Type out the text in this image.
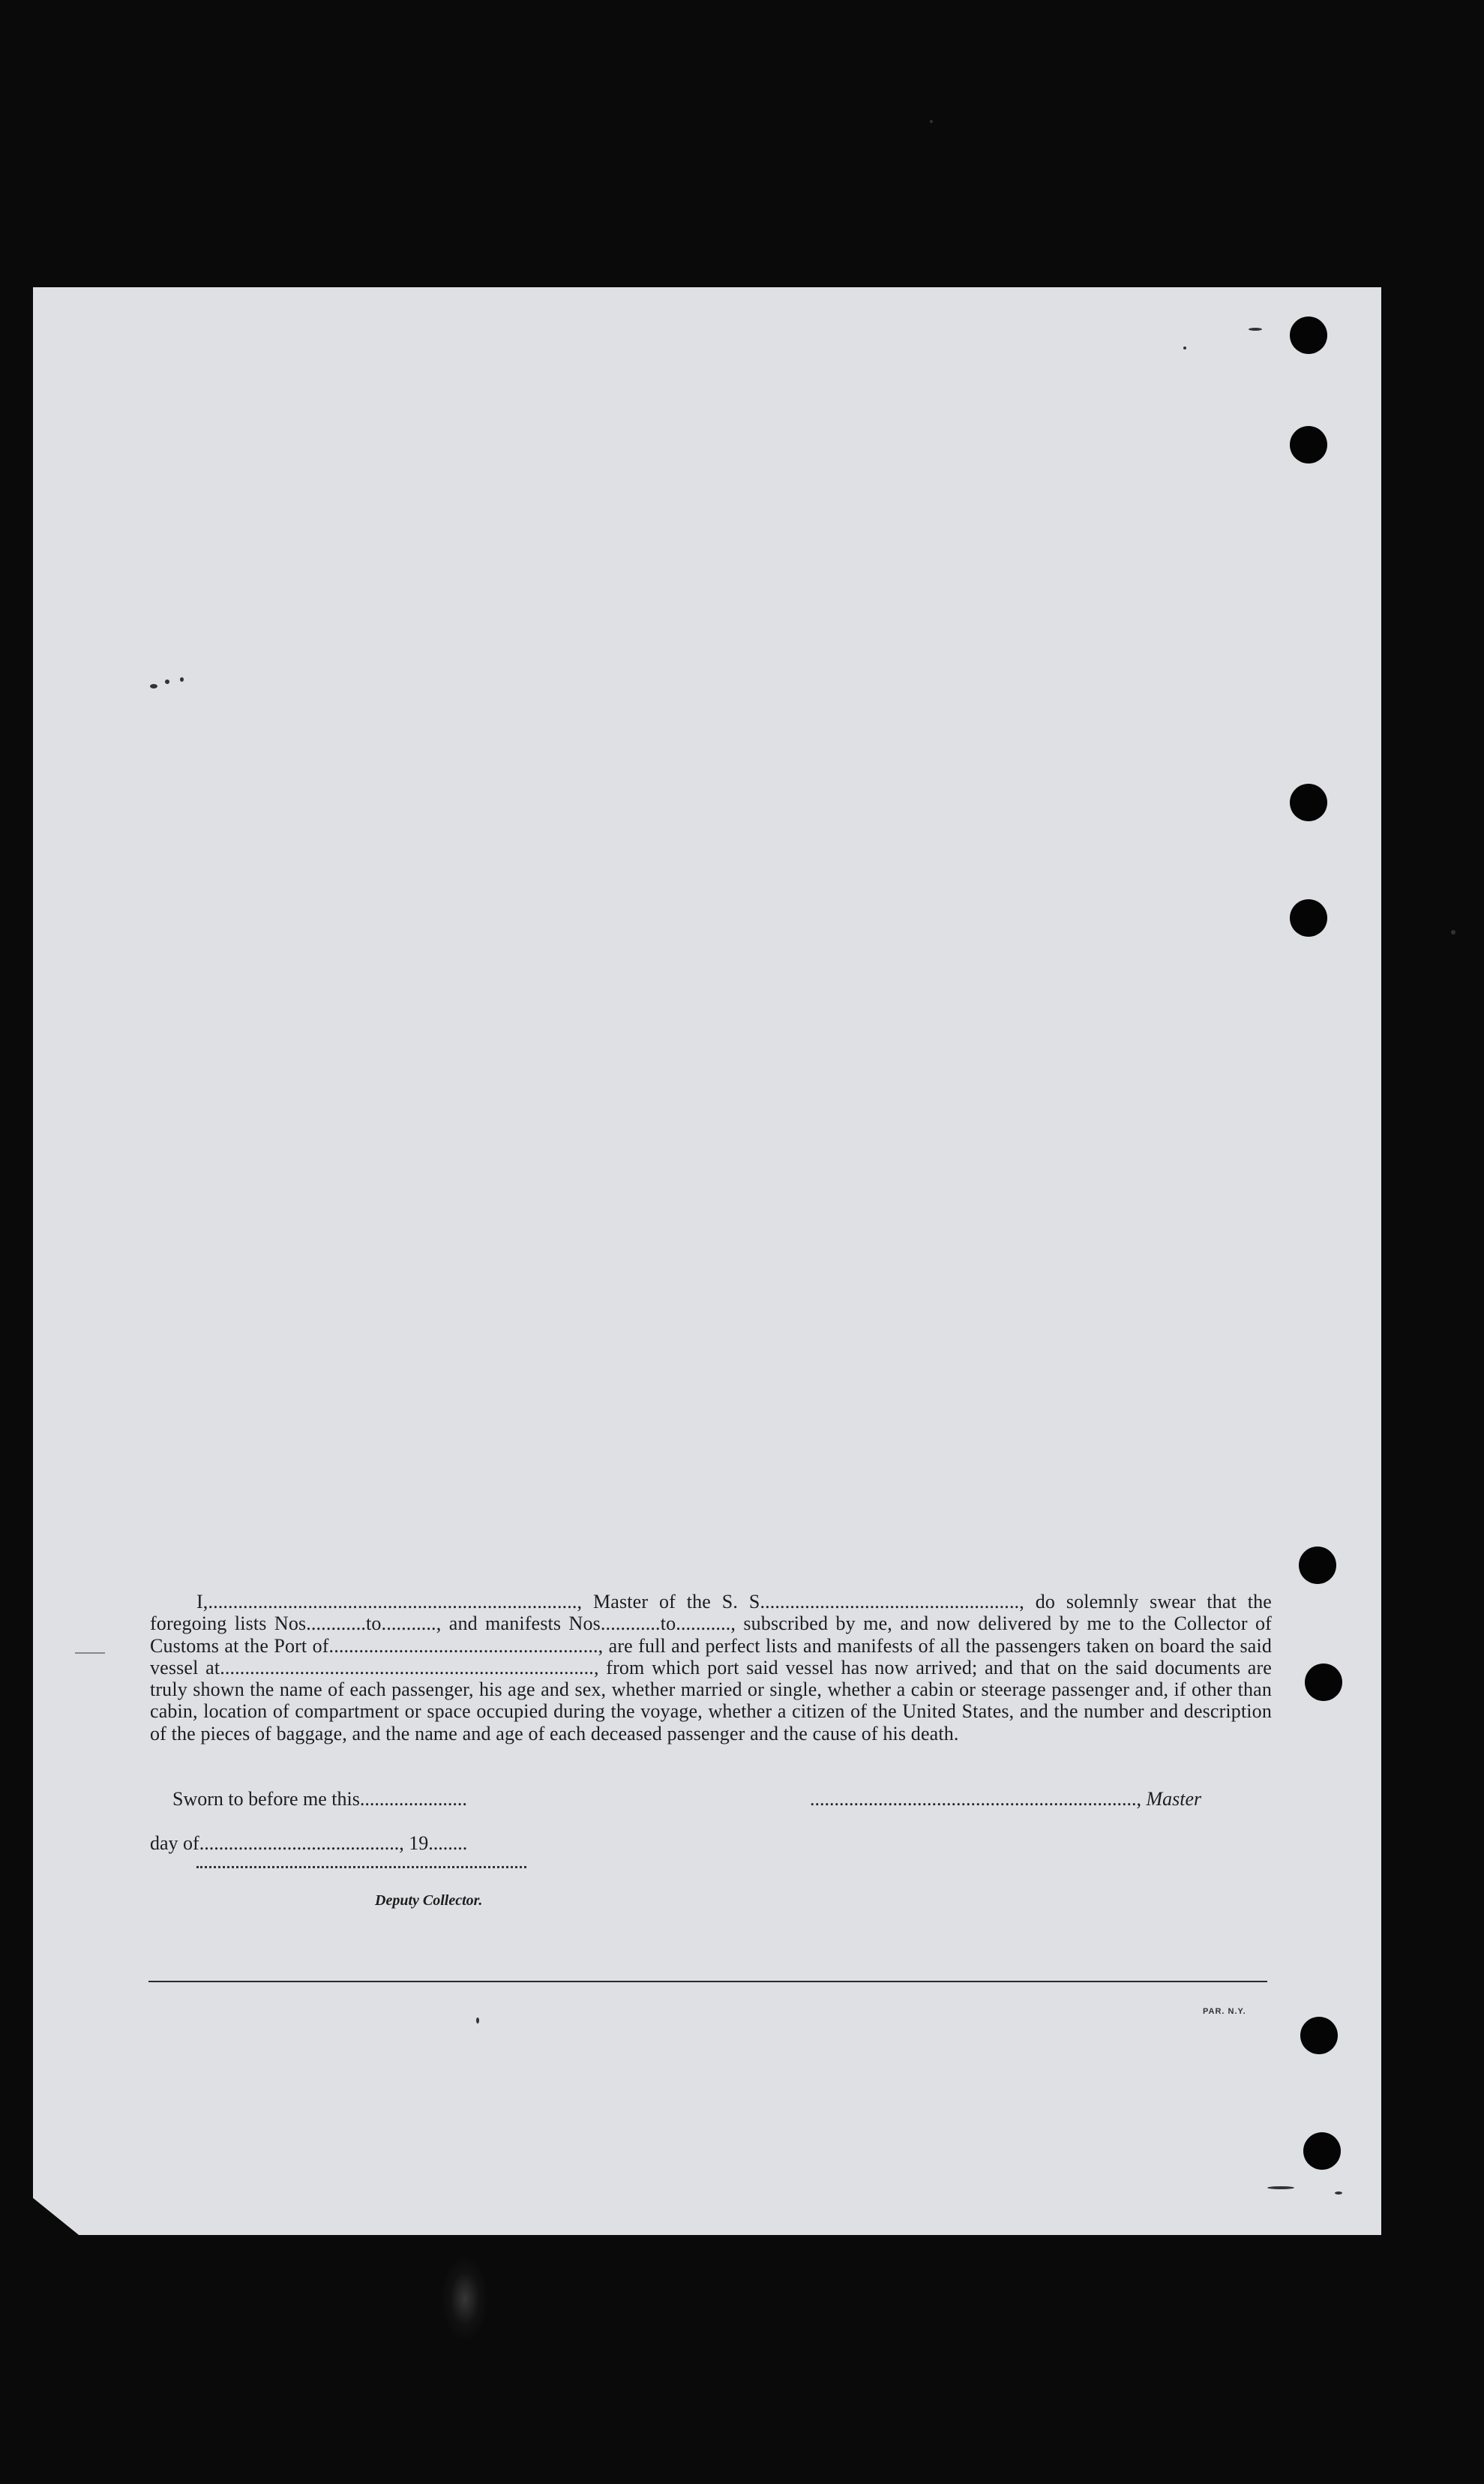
I,.........................................................................., Master of the S. S...................................................., do solemnly swear that the foregoing lists Nos............to..........., and manifests Nos............to..........., subscribed by me, and now delivered by me to the Collector of Customs at the Port of......................................................, are full and perfect lists and manifests of all the passengers taken on board the said vessel at..........................................................................., from which port said vessel has now arrived; and that on the said documents are truly shown the name of each passenger, his age and sex, whether married or single, whether a cabin or steerage passenger and, if other than cabin, location of compartment or space occupied during the voyage, whether a citizen of the United States, and the number and description of the pieces of baggage, and the name and age of each deceased passenger and the cause of his death.

Sworn to before me this......................	..................................................................., Master
day of........................................., 19........
Deputy Collector.
PAR. N.Y.
